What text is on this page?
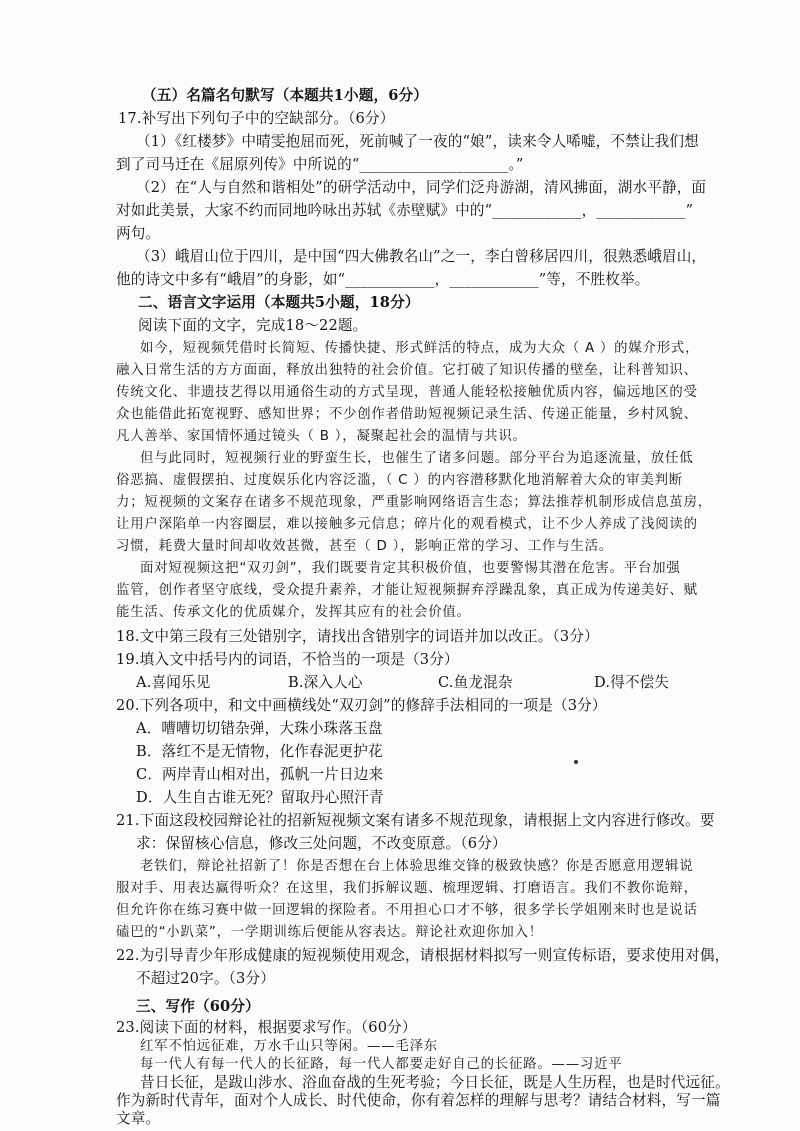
（五）名篇名句默写（本题共1小题，6分）
17.补写出下列句子中的空缺部分。（6分）
（1）《红楼梦》中晴雯抱屈而死，死前喊了一夜的“娘”，读来令人唏嘘，不禁让我们想
到了司马迁在《屈原列传》中所说的“____________________。”
（2）在“人与自然和谐相处”的研学活动中，同学们泛舟游湖，清风拂面，湖水平静，面
对如此美景，大家不约而同地吟咏出苏轼《赤壁赋》中的“____________，____________”
两句。
（3）峨眉山位于四川，是中国“四大佛教名山”之一，李白曾移居四川，很熟悉峨眉山，
他的诗文中多有“峨眉”的身影，如“____________，____________”等，不胜枚举。
二、语言文字运用（本题共5小题，18分）
阅读下面的文字，完成18～22题。
如今，短视频凭借时长简短、传播快捷、形式鲜活的特点，成为大众（ A ）的媒介形式，
融入日常生活的方方面面，释放出独特的社会价值。它打破了知识传播的壁垒，让科普知识、
传统文化、非遗技艺得以用通俗生动的方式呈现，普通人能轻松接触优质内容，偏远地区的受
众也能借此拓宽视野、感知世界；不少创作者借助短视频记录生活、传递正能量，乡村风貌、
凡人善举、家国情怀通过镜头（ B ），凝聚起社会的温情与共识。
但与此同时，短视频行业的野蛮生长，也催生了诸多问题。部分平台为追逐流量，放任低
俗恶搞、虚假摆拍、过度娱乐化内容泛滥，（ C ）的内容潜移默化地消解着大众的审美判断
力；短视频的文案存在诸多不规范现象，严重影响网络语言生态；算法推荐机制形成信息茧房，
让用户深陷单一内容圈层，难以接触多元信息；碎片化的观看模式，让不少人养成了浅阅读的
习惯，耗费大量时间却收效甚微，甚至（ D ），影响正常的学习、工作与生活。
面对短视频这把“双刃剑”，我们既要肯定其积极价值，也要警惕其潜在危害。平台加强
监管，创作者坚守底线，受众提升素养，才能让短视频摒弃浮躁乱象，真正成为传递美好、赋
能生活、传承文化的优质媒介，发挥其应有的社会价值。
18.文中第三段有三处错别字，请找出含错别字的词语并加以改正。（3分）
19.填入文中括号内的词语，不恰当的一项是（3分）
A.喜闻乐见	B.深入人心	C.鱼龙混杂	D.得不偿失
20.下列各项中，和文中画横线处“双刃剑”的修辞手法相同的一项是（3分）
A．嘈嘈切切错杂弹，大珠小珠落玉盘
B．落红不是无情物，化作春泥更护花
C．两岸青山相对出，孤帆一片日边来
D．人生自古谁无死？留取丹心照汗青
21.下面这段校园辩论社的招新短视频文案有诸多不规范现象，请根据上文内容进行修改。要
求：保留核心信息，修改三处问题，不改变原意。（6分）
老铁们，辩论社招新了！你是否想在台上体验思维交锋的极致快感？你是否愿意用逻辑说
服对手、用表达赢得听众？在这里，我们拆解议题、梳理逻辑、打磨语言。我们不教你诡辩，
但允许你在练习赛中做一回逻辑的探险者。不用担心口才不够，很多学长学姐刚来时也是说话
磕巴的“小趴菜”，一学期训练后便能从容表达。辩论社欢迎你加入！
22.为引导青少年形成健康的短视频使用观念，请根据材料拟写一则宣传标语，要求使用对偶，
不超过20字。（3分）
三、写作（60分）
23.阅读下面的材料，根据要求写作。（60分）
红军不怕远征难，万水千山只等闲。——毛泽东
每一代人有每一代人的长征路，每一代人都要走好自己的长征路。——习近平
昔日长征，是跋山涉水、浴血奋战的生死考验；今日长征，既是人生历程，也是时代远征。
作为新时代青年，面对个人成长、时代使命，你有着怎样的理解与思考？请结合材料，写一篇
文章。
